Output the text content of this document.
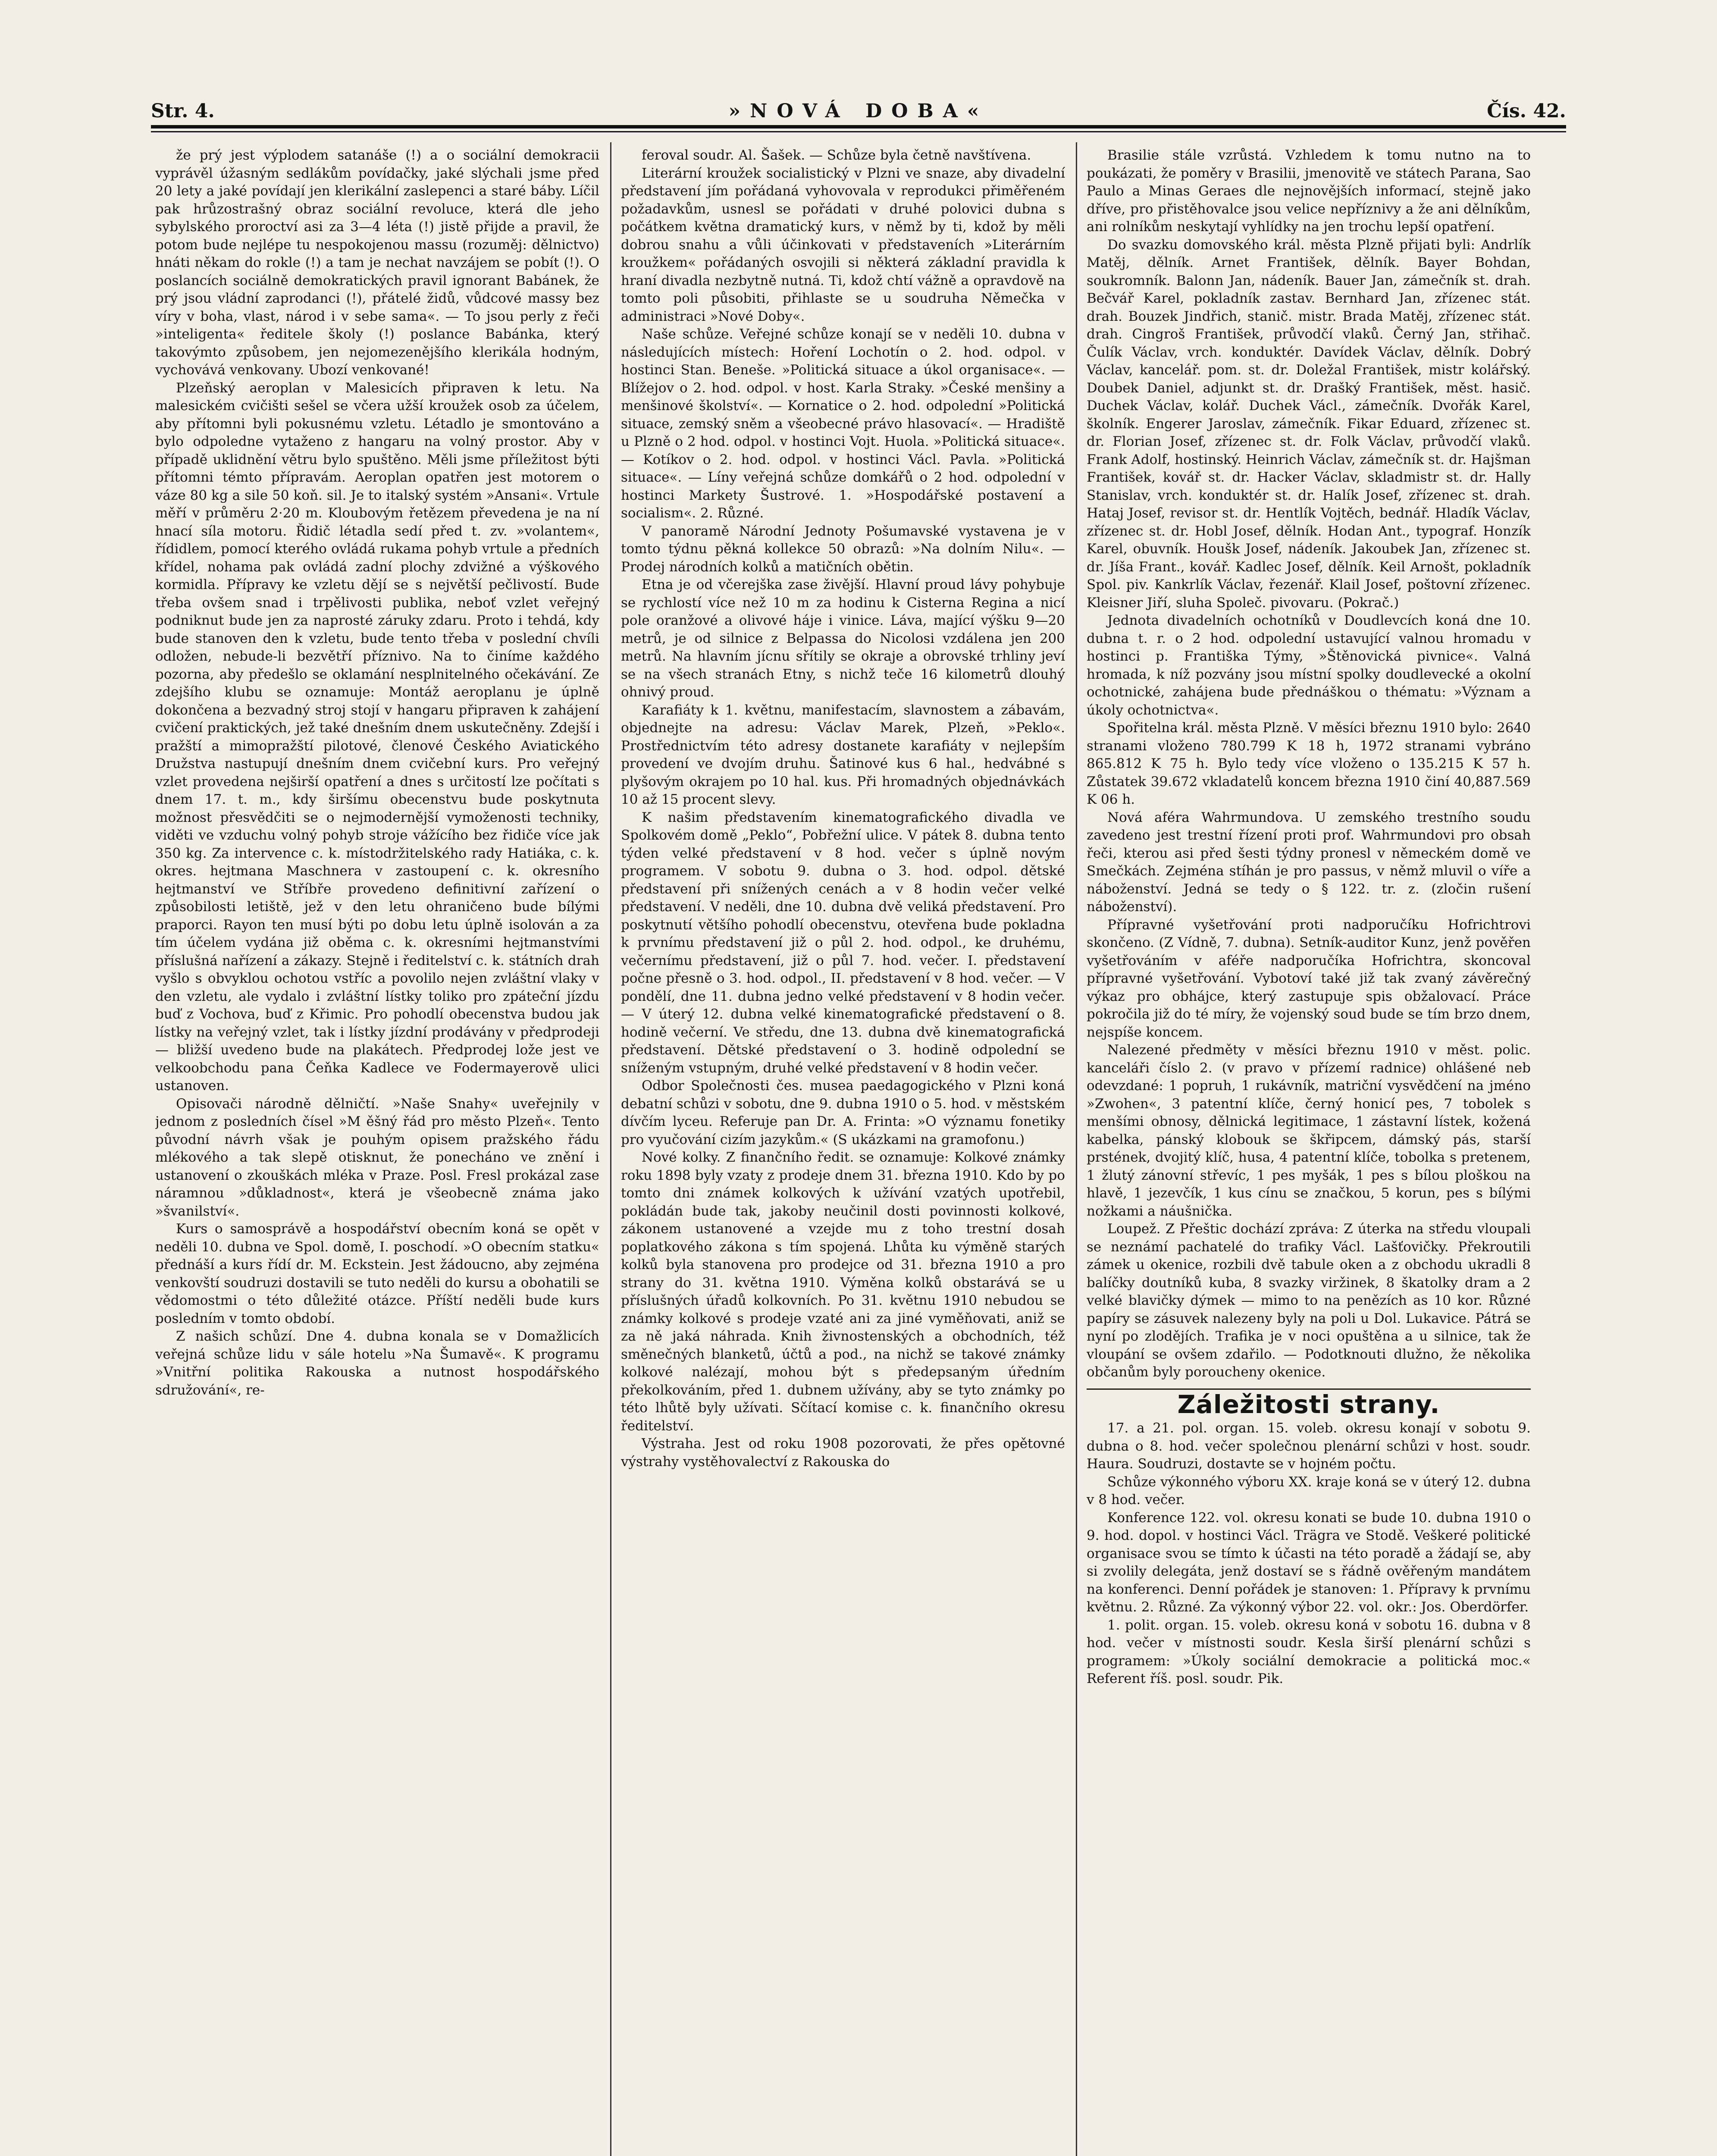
Str. 4.	»NOVÁ DOBA«	Čís. 42.

že prý jest výplodem satanáše (!) a o sociální demokracii vyprávěl úžasným sedlákům povídačky, jaké slýchali jsme před 20 lety a jaké povídají jen klerikální zaslepenci a staré báby. Líčil pak hrůzostrašný obraz sociální revoluce, která dle jeho sybylského proroctví asi za 3—4 léta (!) jistě přijde a pravil, že potom bude nejlépe tu nespokojenou massu (rozuměj: dělnictvo) hnáti někam do rokle (!) a tam je nechat navzájem se pobít (!). O poslancích sociálně demokratických pravil ignorant Babánek, že prý jsou vládní zaprodanci (!), přátelé židů, vůdcové massy bez víry v boha, vlast, národ i v sebe sama«. — To jsou perly z řeči »inteligenta« ředitele školy (!) poslance Babánka, který takovýmto způsobem, jen nejomezenějšího klerikála hodným, vychovává venkovany. Ubozí venkované!

Plzeňský aeroplan v Malesicích připraven k letu. Na malesickém cvičišti sešel se včera užší kroužek osob za účelem, aby přítomni byli pokusnému vzletu. Létadlo je smontováno a bylo odpoledne vytaženo z hangaru na volný prostor. Aby v případě uklidnění větru bylo spuštěno. Měli jsme příležitost býti přítomni témto přípravám. Aeroplan opatřen jest motorem o váze 80 kg a sile 50 koň. sil. Je to italský systém »Ansani«. Vrtule měří v průměru 2·20 m. Kloubovým řetězem převedena je na ní hnací síla motoru. Řidič létadla sedí před t. zv. »volantem«, řídidlem, pomocí kterého ovládá rukama pohyb vrtule a předních křídel, nohama pak ovládá zadní plochy zdvižné a výškového kormidla. Přípravy ke vzletu dějí se s největší pečlivostí. Bude třeba ovšem snad i trpělivosti publika, neboť vzlet veřejný podniknut bude jen za naprosté záruky zdaru. Proto i tehdá, kdy bude stanoven den k vzletu, bude tento třeba v poslední chvíli odložen, nebude-li bezvětří příznivo. Na to činíme každého pozorna, aby předešlo se oklamání nesplnitelného očekávání. Ze zdejšího klubu se oznamuje: Montáž aeroplanu je úplně dokončena a bezvadný stroj stojí v hangaru připraven k zahájení cvičení praktických, jež také dnešním dnem uskutečněny. Zdejší i pražští a mimopražští pilotové, členové Českého Aviatického Družstva nastupují dnešním dnem cvičební kurs. Pro veřejný vzlet provedena nejširší opatření a dnes s určitostí lze počítati s dnem 17. t. m., kdy širšímu obecenstvu bude poskytnuta možnost přesvědčiti se o nejmodernější vymoženosti techniky, viděti ve vzduchu volný pohyb stroje vážícího bez řidiče více jak 350 kg. Za intervence c. k. místodržitelského rady Hatiáka, c. k. okres. hejtmana Maschnera v zastoupení c. k. okresního hejtmanství ve Stříbře provedeno definitivní zařízení o způsobilosti letiště, jež v den letu ohraničeno bude bílými praporci. Rayon ten musí býti po dobu letu úplně isolován a za tím účelem vydána již oběma c. k. okresními hejtmanstvími příslušná nařízení a zákazy. Stejně i ředitelství c. k. státních drah vyšlo s obvyklou ochotou vstříc a povolilo nejen zvláštní vlaky v den vzletu, ale vydalo i zvláštní lístky toliko pro zpáteční jízdu buď z Vochova, buď z Křimic. Pro pohodlí obecenstva budou jak lístky na veřejný vzlet, tak i lístky jízdní prodávány v předprodeji — bližší uvedeno bude na plakátech. Předprodej lože jest ve velkoobchodu pana Čeňka Kadlece ve Fodermayerově ulici ustanoven.

Opisovači národně dělničtí. »Naše Snahy« uveřejnily v jednom z posledních čísel »M ěšný řád pro město Plzeň«. Tento původní návrh však je pouhým opisem pražského řádu mlékového a tak slepě otisknut, že ponecháno ve znění i ustanovení o zkouškách mléka v Praze. Posl. Fresl prokázal zase náramnou »důkladnost«, která je všeobecně známa jako »švanilství«.

Kurs o samosprávě a hospodářství obecním koná se opět v neděli 10. dubna ve Spol. domě, I. poschodí. »O obecním statku« přednáší a kurs řídí dr. M. Eckstein. Jest žádoucno, aby zejména venkovští soudruzi dostavili se tuto neděli do kursu a obohatili se vědomostmi o této důležité otázce. Příští neděli bude kurs posledním v tomto období.

Z našich schůzí. Dne 4. dubna konala se v Domažlicích veřejná schůze lidu v sále hotelu »Na Šumavě«. K programu »Vnitřní politika Rakouska a nutnost hospodářského sdružování«, re-

feroval soudr. Al. Šašek. — Schůze byla četně navštívena.

Literární kroužek socialistický v Plzni ve snaze, aby divadelní představení jím pořádaná vyhovovala v reprodukci přiměřeném požadavkům, usnesl se pořádati v druhé polovici dubna s počátkem května dramatický kurs, v němž by ti, kdož by měli dobrou snahu a vůli účinkovati v představeních »Literárním kroužkem« pořádaných osvojili si některá základní pravidla k hraní divadla nezbytně nutná. Ti, kdož chtí vážně a opravdově na tomto poli působiti, přihlaste se u soudruha Němečka v administraci »Nové Doby«.

Naše schůze. Veřejné schůze konají se v neděli 10. dubna v následujících místech: Hoření Lochotín o 2. hod. odpol. v hostinci Stan. Beneše. »Politická situace a úkol organisace«. —Blížejov o 2. hod. odpol. v host. Karla Straky. »České menšiny a menšinové školství«. — Kornatice o 2. hod. odpolední »Politická situace, zemský sněm a všeobecné právo hlasovací«. — Hradiště u Plzně o 2 hod. odpol. v hostinci Vojt. Huola. »Politická situace«. — Kotíkov o 2. hod. odpol. v hostinci Václ. Pavla. »Politická situace«. — Líny veřejná schůze domkářů o 2 hod. odpolední v hostinci Markety Šustrové. 1. »Hospodářské postavení a socialism«. 2. Různé.

V panoramě Národní Jednoty Pošumavské vystavena je v tomto týdnu pěkná kollekce 50 obrazů: »Na dolním Nilu«. — Prodej národních kolků a matičních obětin.

Etna je od včerejška zase živější. Hlavní proud lávy pohybuje se rychlostí více než 10 m za hodinu k Cisterna Regina a nicí pole oranžové a olivové háje i vinice. Láva, mající výšku 9—20 metrů, je od silnice z Belpassa do Nicolosi vzdálena jen 200 metrů. Na hlavním jícnu sřítily se okraje a obrovské trhliny jeví se na všech stranách Etny, s nichž teče 16 kilometrů dlouhý ohnivý proud.

Karafiáty k 1. květnu, manifestacím, slavnostem a zábavám, objednejte na adresu: Václav Marek, Plzeň, »Peklo«. Prostřednictvím této adresy dostanete karafiáty v nejlepším provedení ve dvojím druhu. Šatinové kus 6 hal., hedvábné s plyšovým okrajem po 10 hal. kus. Při hromadných objednávkách 10 až 15 procent slevy.

K našim představením kinematografického divadla ve Spolkovém domě „Peklo“, Pobřežní ulice. V pátek 8. dubna tento týden velké představení v 8 hod. večer s úplně novým programem. V sobotu 9. dubna o 3. hod. odpol. dětské představení při snížených cenách a v 8 hodin večer velké představení. V neděli, dne 10. dubna dvě veliká představení. Pro poskytnutí většího pohodlí obecenstvu, otevřena bude pokladna k prvnímu představení již o půl 2. hod. odpol., ke druhému, večernímu představení, již o půl 7. hod. večer. I. představení počne přesně o 3. hod. odpol., II. představení v 8 hod. večer. — V pondělí, dne 11. dubna jedno velké představení v 8 hodin večer. — V úterý 12. dubna velké kinematografické představení o 8. hodině večerní. Ve středu, dne 13. dubna dvě kinematografická představení. Dětské představení o 3. hodině odpolední se sníženým vstupným, druhé velké představení v 8 hodin večer.

Odbor Společnosti čes. musea paedagogického v Plzni koná debatní schůzi v sobotu, dne 9. dubna 1910 o 5. hod. v městském dívčím lyceu. Referuje pan Dr. A. Frinta: »O významu fonetiky pro vyučování cizím jazykům.« (S ukázkami na gramofonu.)

Nové kolky. Z finančního ředit. se oznamuje: Kolkové známky roku 1898 byly vzaty z prodeje dnem 31. března 1910. Kdo by po tomto dni známek kolkových k užívání vzatých upotřebil, pokládán bude tak, jakoby neučinil dosti povinnosti kolkové, zákonem ustanovené a vzejde mu z toho trestní dosah poplatkového zákona s tím spojená. Lhůta ku výměně starých kolků byla stanovena pro prodejce od 31. března 1910 a pro strany do 31. května 1910. Výměna kolků obstarává se u příslušných úřadů kolkovních. Po 31. květnu 1910 nebudou se známky kolkové s prodeje vzaté ani za jiné vyměňovati, aniž se za ně jaká náhrada. Knih živnostenských a obchodních, též směnečných blanketů, účtů a pod., na nichž se takové známky kolkové nalézají, mohou být s předepsaným úředním překolkováním, před 1. dubnem užívány, aby se tyto známky po této lhůtě byly užívati. Sčítací komise c. k. finančního okresu ředitelství.

Výstraha. Jest od roku 1908 pozorovati, že přes opětovné výstrahy vystěhovalectví z Rakouska do

Brasilie stále vzrůstá. Vzhledem k tomu nutno na to poukázati, že poměry v Brasilii, jmenovitě ve státech Parana, Sao Paulo a Minas Geraes dle nejnovějších informací, stejně jako dříve, pro přistěhovalce jsou velice nepříznivy a že ani dělníkům, ani rolníkům neskytají vyhlídky na jen trochu lepší opatření.

Do svazku domovského král. města Plzně přijati byli: Andrlík Matěj, dělník. Arnet František, dělník. Bayer Bohdan, soukromník. Balonn Jan, nádeník. Bauer Jan, zámečník st. drah. Bečvář Karel, pokladník zastav. Bernhard Jan, zřízenec stát. drah. Bouzek Jindřich, stanič. mistr. Brada Matěj, zřízenec stát. drah. Cingroš František, průvodčí vlaků. Černý Jan, střihač. Čulík Václav, vrch. konduktér. Davídek Václav, dělník. Dobrý Václav, kancelář. pom. st. dr. Doležal František, mistr kolářský. Doubek Daniel, adjunkt st. dr. Drašký František, měst. hasič. Duchek Václav, kolář. Duchek Václ., zámečník. Dvořák Karel, školník. Engerer Jaroslav, zámečník. Fikar Eduard, zřízenec st. dr. Florian Josef, zřízenec st. dr. Folk Václav, průvodčí vlaků. Frank Adolf, hostinský. Heinrich Václav, zámečník st. dr. Hajšman František, kovář st. dr. Hacker Václav, skladmistr st. dr. Hally Stanislav, vrch. konduktér st. dr. Halík Josef, zřízenec st. drah. Hataj Josef, revisor st. dr. Hentlík Vojtěch, bednář. Hladík Václav, zřízenec st. dr. Hobl Josef, dělník. Hodan Ant., typograf. Honzík Karel, obuvník. Houšk Josef, nádeník. Jakoubek Jan, zřízenec st. dr. Jíša Frant., kovář. Kadlec Josef, dělník. Keil Arnošt, pokladník Spol. piv. Kankrlík Václav, řezenář. Klail Josef, poštovní zřízenec. Kleisner Jiří, sluha Společ. pivovaru. (Pokrač.)

Jednota divadelních ochotníků v Doudlevcích koná dne 10. dubna t. r. o 2 hod. odpolední ustavující valnou hromadu v hostinci p. Františka Týmy, »Štěnovická pivnice«. Valná hromada, k níž pozvány jsou místní spolky doudlevecké a okolní ochotnické, zahájena bude přednáškou o thématu: »Význam a úkoly ochotnictva«.

Spořitelna král. města Plzně. V měsíci březnu 1910 bylo: 2640 stranami vloženo 780.799 K 18 h, 1972 stranami vybráno 865.812 K 75 h. Bylo tedy více vloženo o 135.215 K 57 h. Zůstatek 39.672 vkladatelů koncem března 1910 činí 40,887.569 K 06 h.

Nová aféra Wahrmundova. U zemského trestního soudu zavedeno jest trestní řízení proti prof. Wahrmundovi pro obsah řeči, kterou asi před šesti týdny pronesl v německém domě ve Smečkách. Zejména stíhán je pro passus, v němž mluvil o víře a náboženství. Jedná se tedy o § 122. tr. z. (zločin rušení náboženství).

Přípravné vyšetřování proti nadporučíku Hofrichtrovi skončeno. (Z Vídně, 7. dubna). Setník-auditor Kunz, jenž pověřen vyšetřováním v aféře nadporučíka Hofrichtra, skoncoval přípravné vyšetřování. Vybotoví také již tak zvaný závěrečný výkaz pro obhájce, který zastupuje spis obžalovací. Práce pokročila již do té míry, že vojenský soud bude se tím brzo dnem, nejspíše koncem.

Nalezené předměty v měsíci březnu 1910 v měst. polic. kanceláři číslo 2. (v pravo v přízemí radnice) ohlášené neb odevzdané: 1 popruh, 1 rukávník, matriční vysvědčení na jméno »Zwohen«, 3 patentní klíče, černý honicí pes, 7 tobolek s menšími obnosy, dělnická legitimace, 1 zástavní lístek, kožená kabelka, pánský klobouk se škřipcem, dámský pás, starší prstének, dvojitý klíč, husa, 4 patentní klíče, tobolka s pretenem, 1 žlutý zánovní střevíc, 1 pes myšák, 1 pes s bílou ploškou na hlavě, 1 jezevčík, 1 kus cínu se značkou, 5 korun, pes s bílými nožkami a náušnička.

Loupež. Z Přeštic dochází zpráva: Z úterka na středu vloupali se neznámí pachatelé do trafiky Václ. Lašťovičky. Překroutili zámek u okenice, rozbili dvě tabule oken a z obchodu ukradli 8 balíčky doutníků kuba, 8 svazky viržinek, 8 škatolky dram a 2 velké blavičky dýmek — mimo to na penězích as 10 kor. Různé papíry se zásuvek nalezeny byly na poli u Dol. Lukavice. Pátrá se nyní po zlodějích. Trafika je v noci opuštěna a u silnice, tak že vloupání se ovšem zdařilo. — Podotknouti dlužno, že několika občanům byly poroucheny okenice.

Záležitosti strany.

17. a 21. pol. organ. 15. voleb. okresu konají v sobotu 9. dubna o 8. hod. večer společnou plenární schůzi v host. soudr. Haura. Soudruzi, dostavte se v hojném počtu.

Schůze výkonného výboru XX. kraje koná se v úterý 12. dubna v 8 hod. večer.

Konference 122. vol. okresu konati se bude 10. dubna 1910 o 9. hod. dopol. v hostinci Václ. Trägra ve Stodě. Veškeré politické organisace svou se tímto k účasti na této poradě a žádají se, aby si zvolily delegáta, jenž dostaví se s řádně ověřeným mandátem na konferenci. Denní pořádek je stanoven: 1. Přípravy k prvnímu květnu. 2. Různé. Za výkonný výbor 22. vol. okr.: Jos. Oberdörfer.

1. polit. organ. 15. voleb. okresu koná v sobotu 16. dubna v 8 hod. večer v místnosti soudr. Kesla širší plenární schůzi s programem: »Úkoly sociální demokracie a politická moc.« Referent říš. posl. soudr. Pik.
